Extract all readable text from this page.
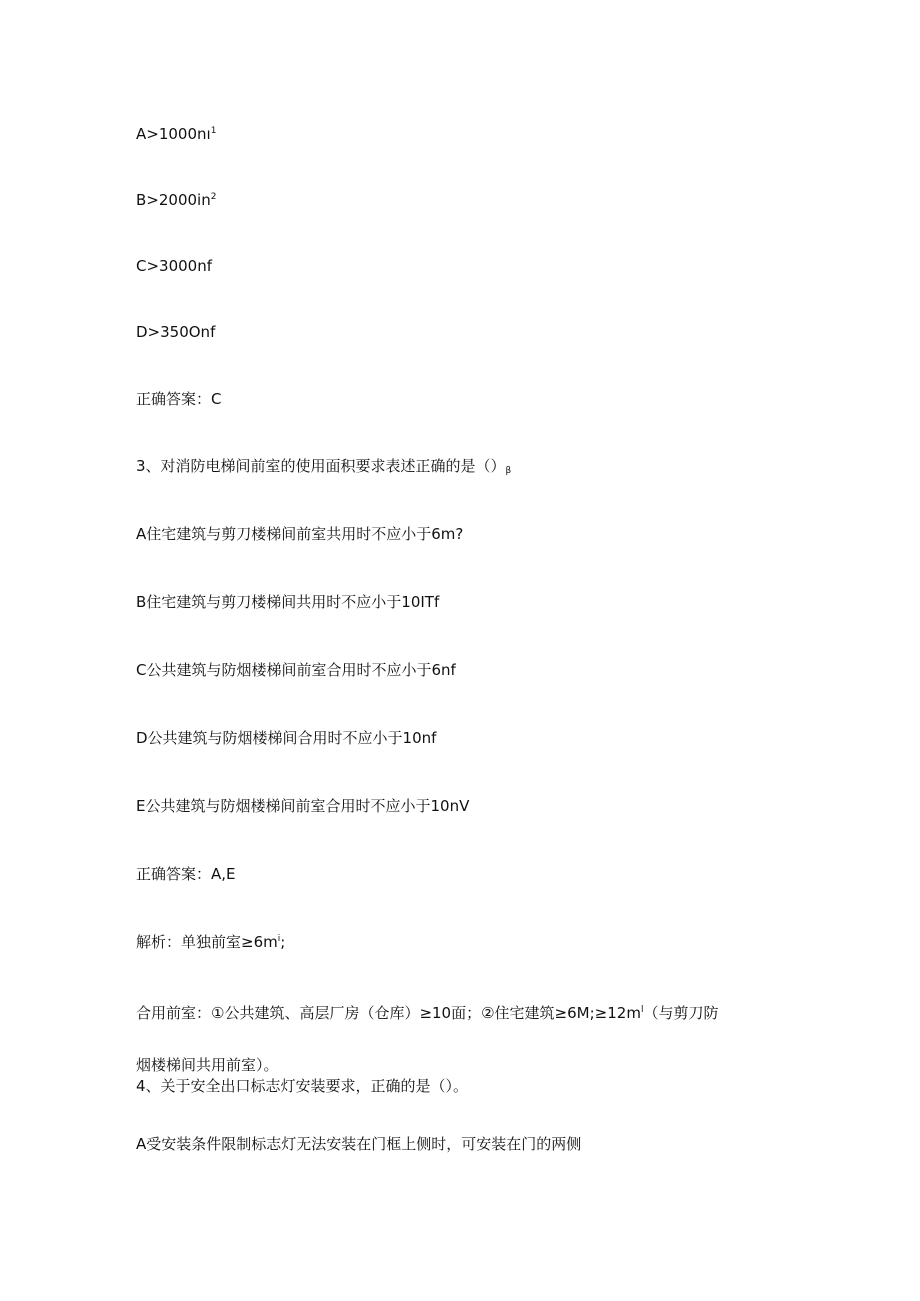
$A>1000nı^1$
$B>2000in^2$
C>3000nf
D>350Onf
正确答案：C
3、对消防电梯间前室的使用面积要求表述正确的是（）β
A住宅建筑与剪刀楼梯间前室共用时不应小于6m?
B住宅建筑与剪刀楼梯间共用时不应小于10ITf
C公共建筑与防烟楼梯间前室合用时不应小于6nf
D公共建筑与防烟楼梯间合用时不应小于10nf
E公共建筑与防烟楼梯间前室合用时不应小于10nV
正确答案：A,E
解析：单独前室$\ge 6m^i$;
合用前室：①公共建筑、高层厂房（仓库）≥10面；②住宅建筑$\ge 6M;\ge 12m^l$（与剪刀防
烟楼梯间共用前室）。
4、关于安全出口标志灯安装要求，正确的是（）。
A受安装条件限制标志灯无法安装在门框上侧时，可安装在门的两侧
